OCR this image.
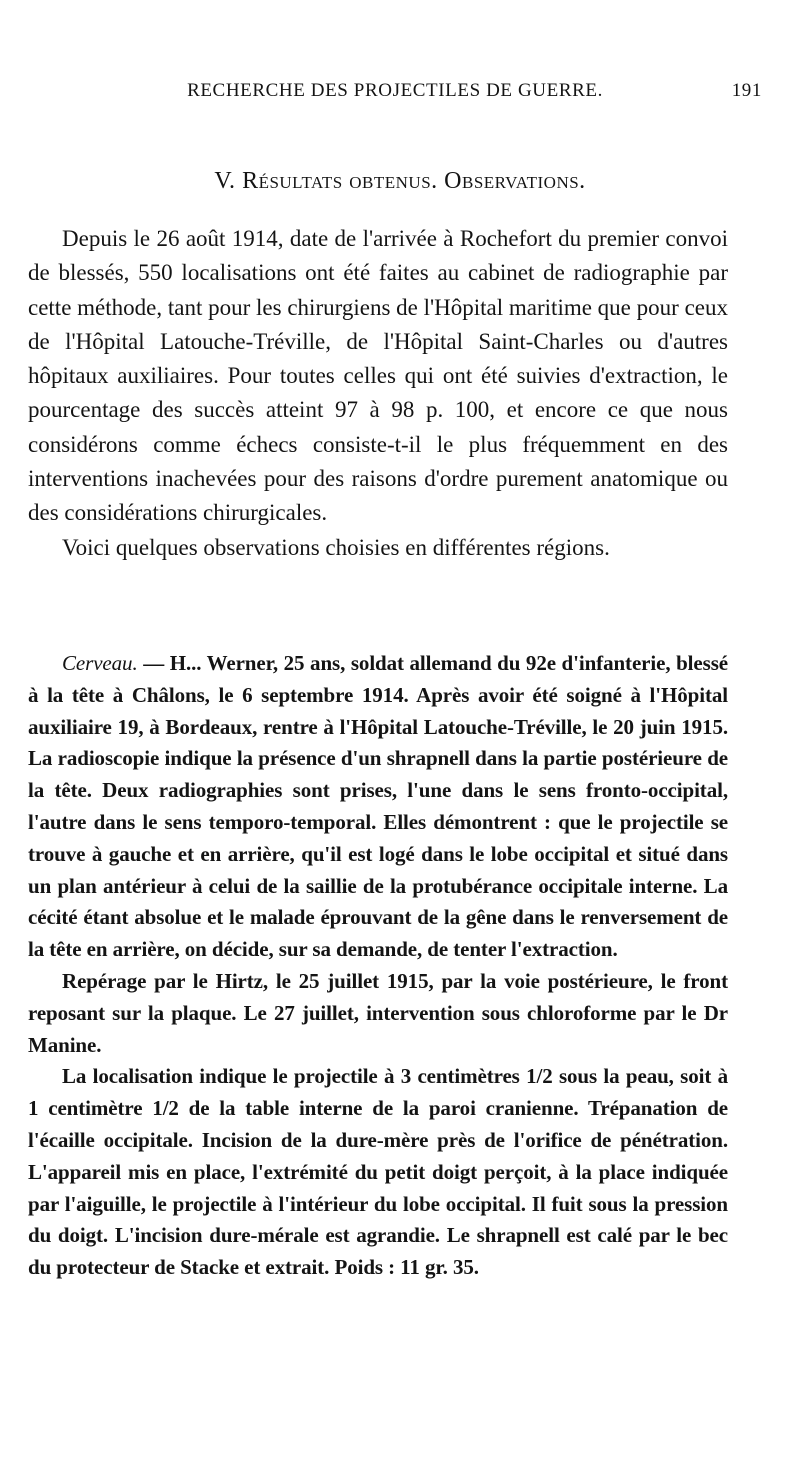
RECHERCHE DES PROJECTILES DE GUERRE.	191
V. Résultats obtenus. Observations.

Depuis le 26 août 1914, date de l'arrivée à Rochefort du premier convoi de blessés, 550 localisations ont été faites au cabinet de radiographie par cette méthode, tant pour les chirurgiens de l'Hôpital maritime que pour ceux de l'Hôpital Latouche-Tréville, de l'Hôpital Saint-Charles ou d'autres hôpitaux auxiliaires. Pour toutes celles qui ont été suivies d'extraction, le pourcentage des succès atteint 97 à 98 p. 100, et encore ce que nous considérons comme échecs consiste-t-il le plus fréquemment en des interventions inachevées pour des raisons d'ordre purement anatomique ou des considérations chirurgicales.

Voici quelques observations choisies en différentes régions.

Cerveau. — H... Werner, 25 ans, soldat allemand du 92e d'infanterie, blessé à la tête à Châlons, le 6 septembre 1914. Après avoir été soigné à l'Hôpital auxiliaire 19, à Bordeaux, rentre à l'Hôpital Latouche-Tréville, le 20 juin 1915. La radioscopie indique la présence d'un shrapnell dans la partie postérieure de la tête. Deux radiographies sont prises, l'une dans le sens fronto-occipital, l'autre dans le sens temporo-temporal. Elles démontrent : que le projectile se trouve à gauche et en arrière, qu'il est logé dans le lobe occipital et situé dans un plan antérieur à celui de la saillie de la protubérance occipitale interne. La cécité étant absolue et le malade éprouvant de la gêne dans le renversement de la tête en arrière, on décide, sur sa demande, de tenter l'extraction.

Repérage par le Hirtz, le 25 juillet 1915, par la voie postérieure, le front reposant sur la plaque. Le 27 juillet, intervention sous chloroforme par le Dr Manine.

La localisation indique le projectile à 3 centimètres 1/2 sous la peau, soit à 1 centimètre 1/2 de la table interne de la paroi cranienne. Trépanation de l'écaille occipitale. Incision de la dure-mère près de l'orifice de pénétration. L'appareil mis en place, l'extrémité du petit doigt perçoit, à la place indiquée par l'aiguille, le projectile à l'intérieur du lobe occipital. Il fuit sous la pression du doigt. L'incision dure-mérale est agrandie. Le shrapnell est calé par le bec du protecteur de Stacke et extrait. Poids : 11 gr. 35.
